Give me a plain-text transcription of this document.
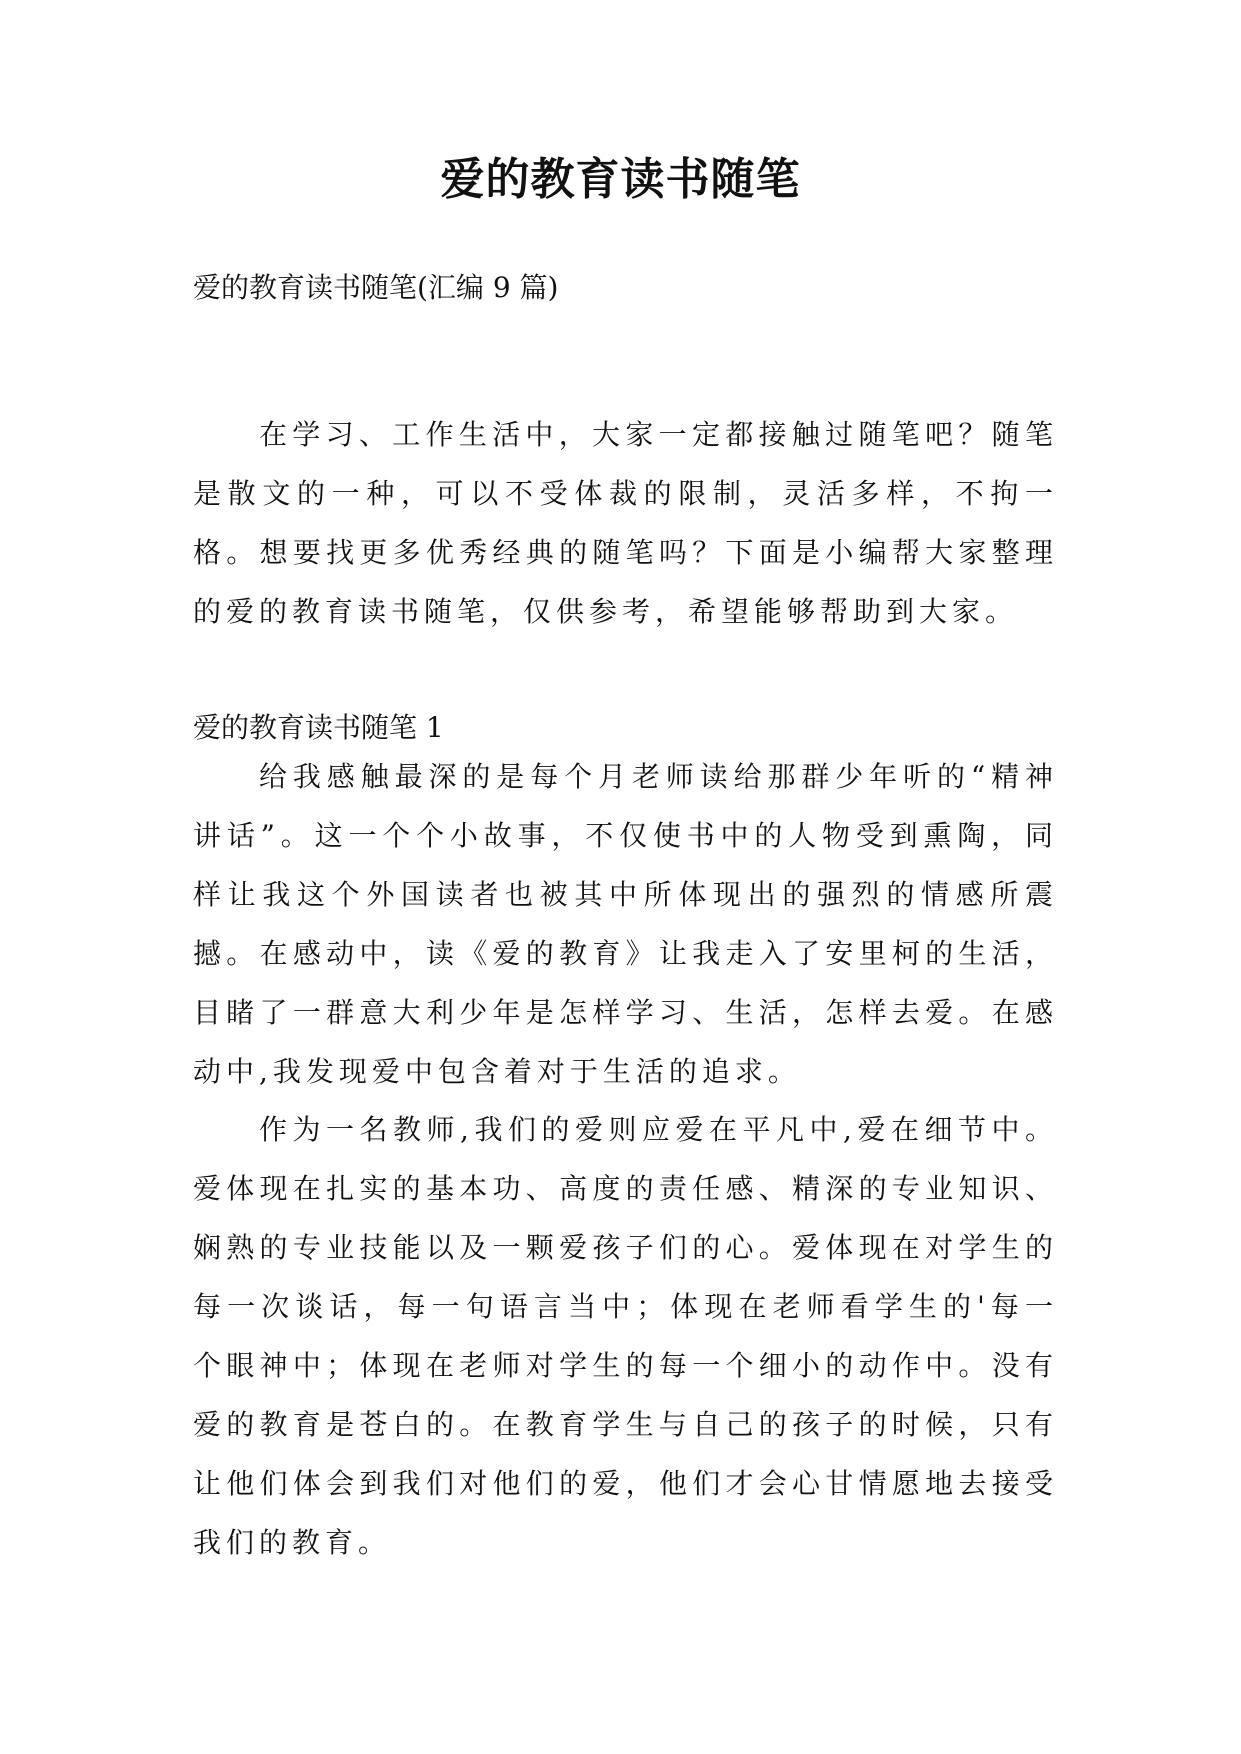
爱的教育读书随笔

爱的教育读书随笔(汇编 9 篇)

在学习、工作生活中，大家一定都接触过随笔吧？随笔是散文的一种，可以不受体裁的限制，灵活多样，不拘一格。想要找更多优秀经典的随笔吗？下面是小编帮大家整理的爱的教育读书随笔，仅供参考，希望能够帮助到大家。

爱的教育读书随笔 1

给我感触最深的是每个月老师读给那群少年听的“精神讲话”。这一个个小故事，不仅使书中的人物受到熏陶，同样让我这个外国读者也被其中所体现出的强烈的情感所震撼。在感动中，读《爱的教育》让我走入了安里柯的生活，目睹了一群意大利少年是怎样学习、生活，怎样去爱。在感动中,我发现爱中包含着对于生活的追求。

作为一名教师,我们的爱则应爱在平凡中,爱在细节中。爱体现在扎实的基本功、高度的责任感、精深的专业知识、娴熟的专业技能以及一颗爱孩子们的心。爱体现在对学生的每一次谈话，每一句语言当中；体现在老师看学生的'每一个眼神中；体现在老师对学生的每一个细小的动作中。没有爱的教育是苍白的。在教育学生与自己的孩子的时候，只有让他们体会到我们对他们的爱，他们才会心甘情愿地去接受我们的教育。
